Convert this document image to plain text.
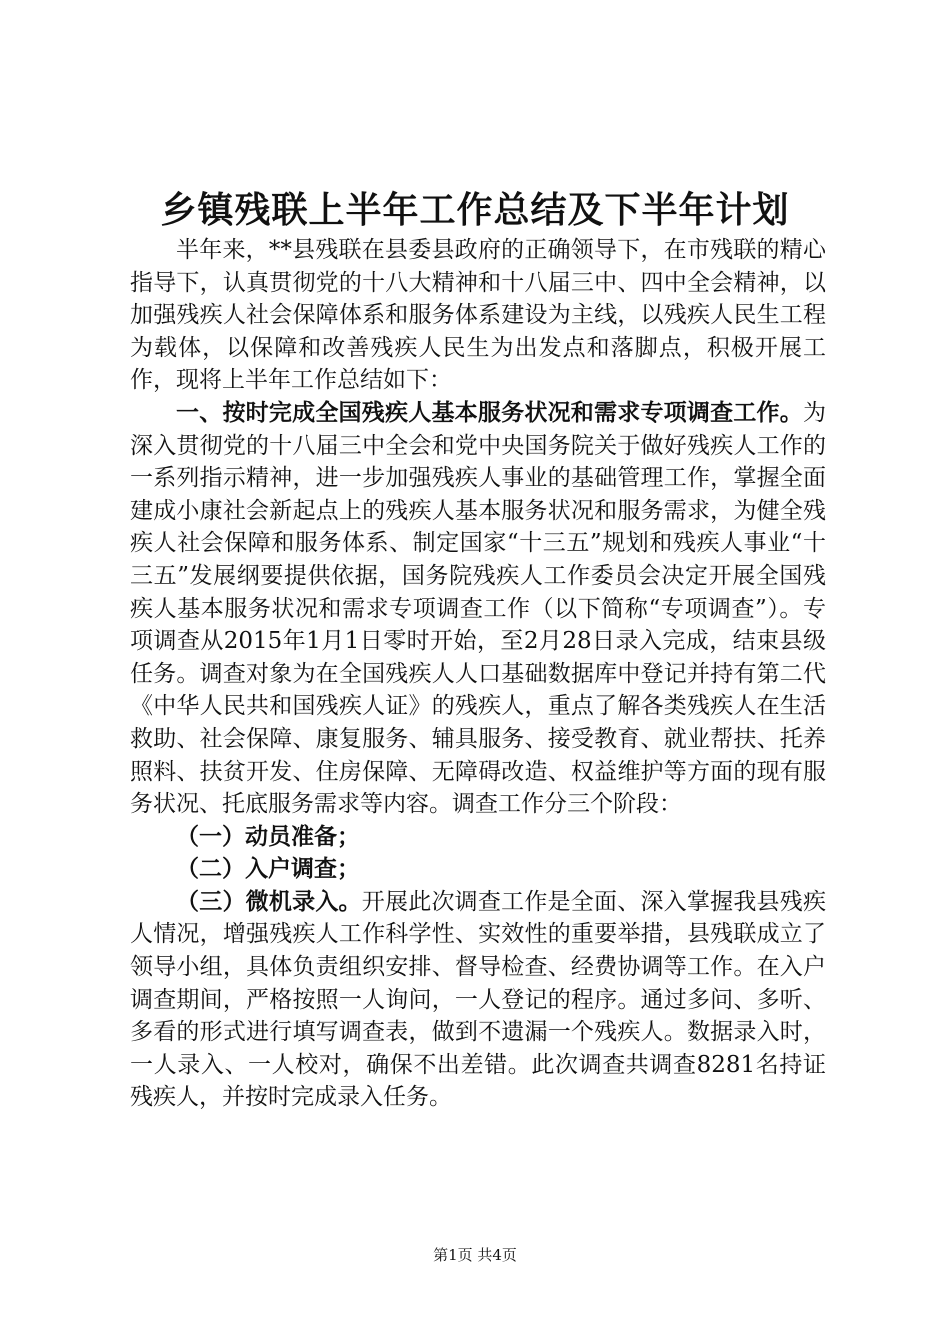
乡镇残联上半年工作总结及下半年计划

半年来，**县残联在县委县政府的正确领导下，在市残联的精心指导下，认真贯彻党的十八大精神和十八届三中、四中全会精神，以加强残疾人社会保障体系和服务体系建设为主线，以残疾人民生工程为载体，以保障和改善残疾人民生为出发点和落脚点，积极开展工作，现将上半年工作总结如下：

一、按时完成全国残疾人基本服务状况和需求专项调查工作。为深入贯彻党的十八届三中全会和党中央国务院关于做好残疾人工作的一系列指示精神，进一步加强残疾人事业的基础管理工作，掌握全面建成小康社会新起点上的残疾人基本服务状况和服务需求，为健全残疾人社会保障和服务体系、制定国家“十三五”规划和残疾人事业“十三五”发展纲要提供依据，国务院残疾人工作委员会决定开展全国残疾人基本服务状况和需求专项调查工作（以下简称“专项调查”）。专项调查从2015年1月1日零时开始，至2月28日录入完成，结束县级任务。调查对象为在全国残疾人人口基础数据库中登记并持有第二代《中华人民共和国残疾人证》的残疾人，重点了解各类残疾人在生活救助、社会保障、康复服务、辅具服务、接受教育、就业帮扶、托养照料、扶贫开发、住房保障、无障碍改造、权益维护等方面的现有服务状况、托底服务需求等内容。调查工作分三个阶段：

（一）动员准备；

（二）入户调查；

（三）微机录入。开展此次调查工作是全面、深入掌握我县残疾人情况，增强残疾人工作科学性、实效性的重要举措，县残联成立了领导小组，具体负责组织安排、督导检查、经费协调等工作。在入户调查期间，严格按照一人询问，一人登记的程序。通过多问、多听、多看的形式进行填写调查表，做到不遗漏一个残疾人。数据录入时，一人录入、一人校对，确保不出差错。此次调查共调查8281名持证残疾人，并按时完成录入任务。

第1页 共4页
